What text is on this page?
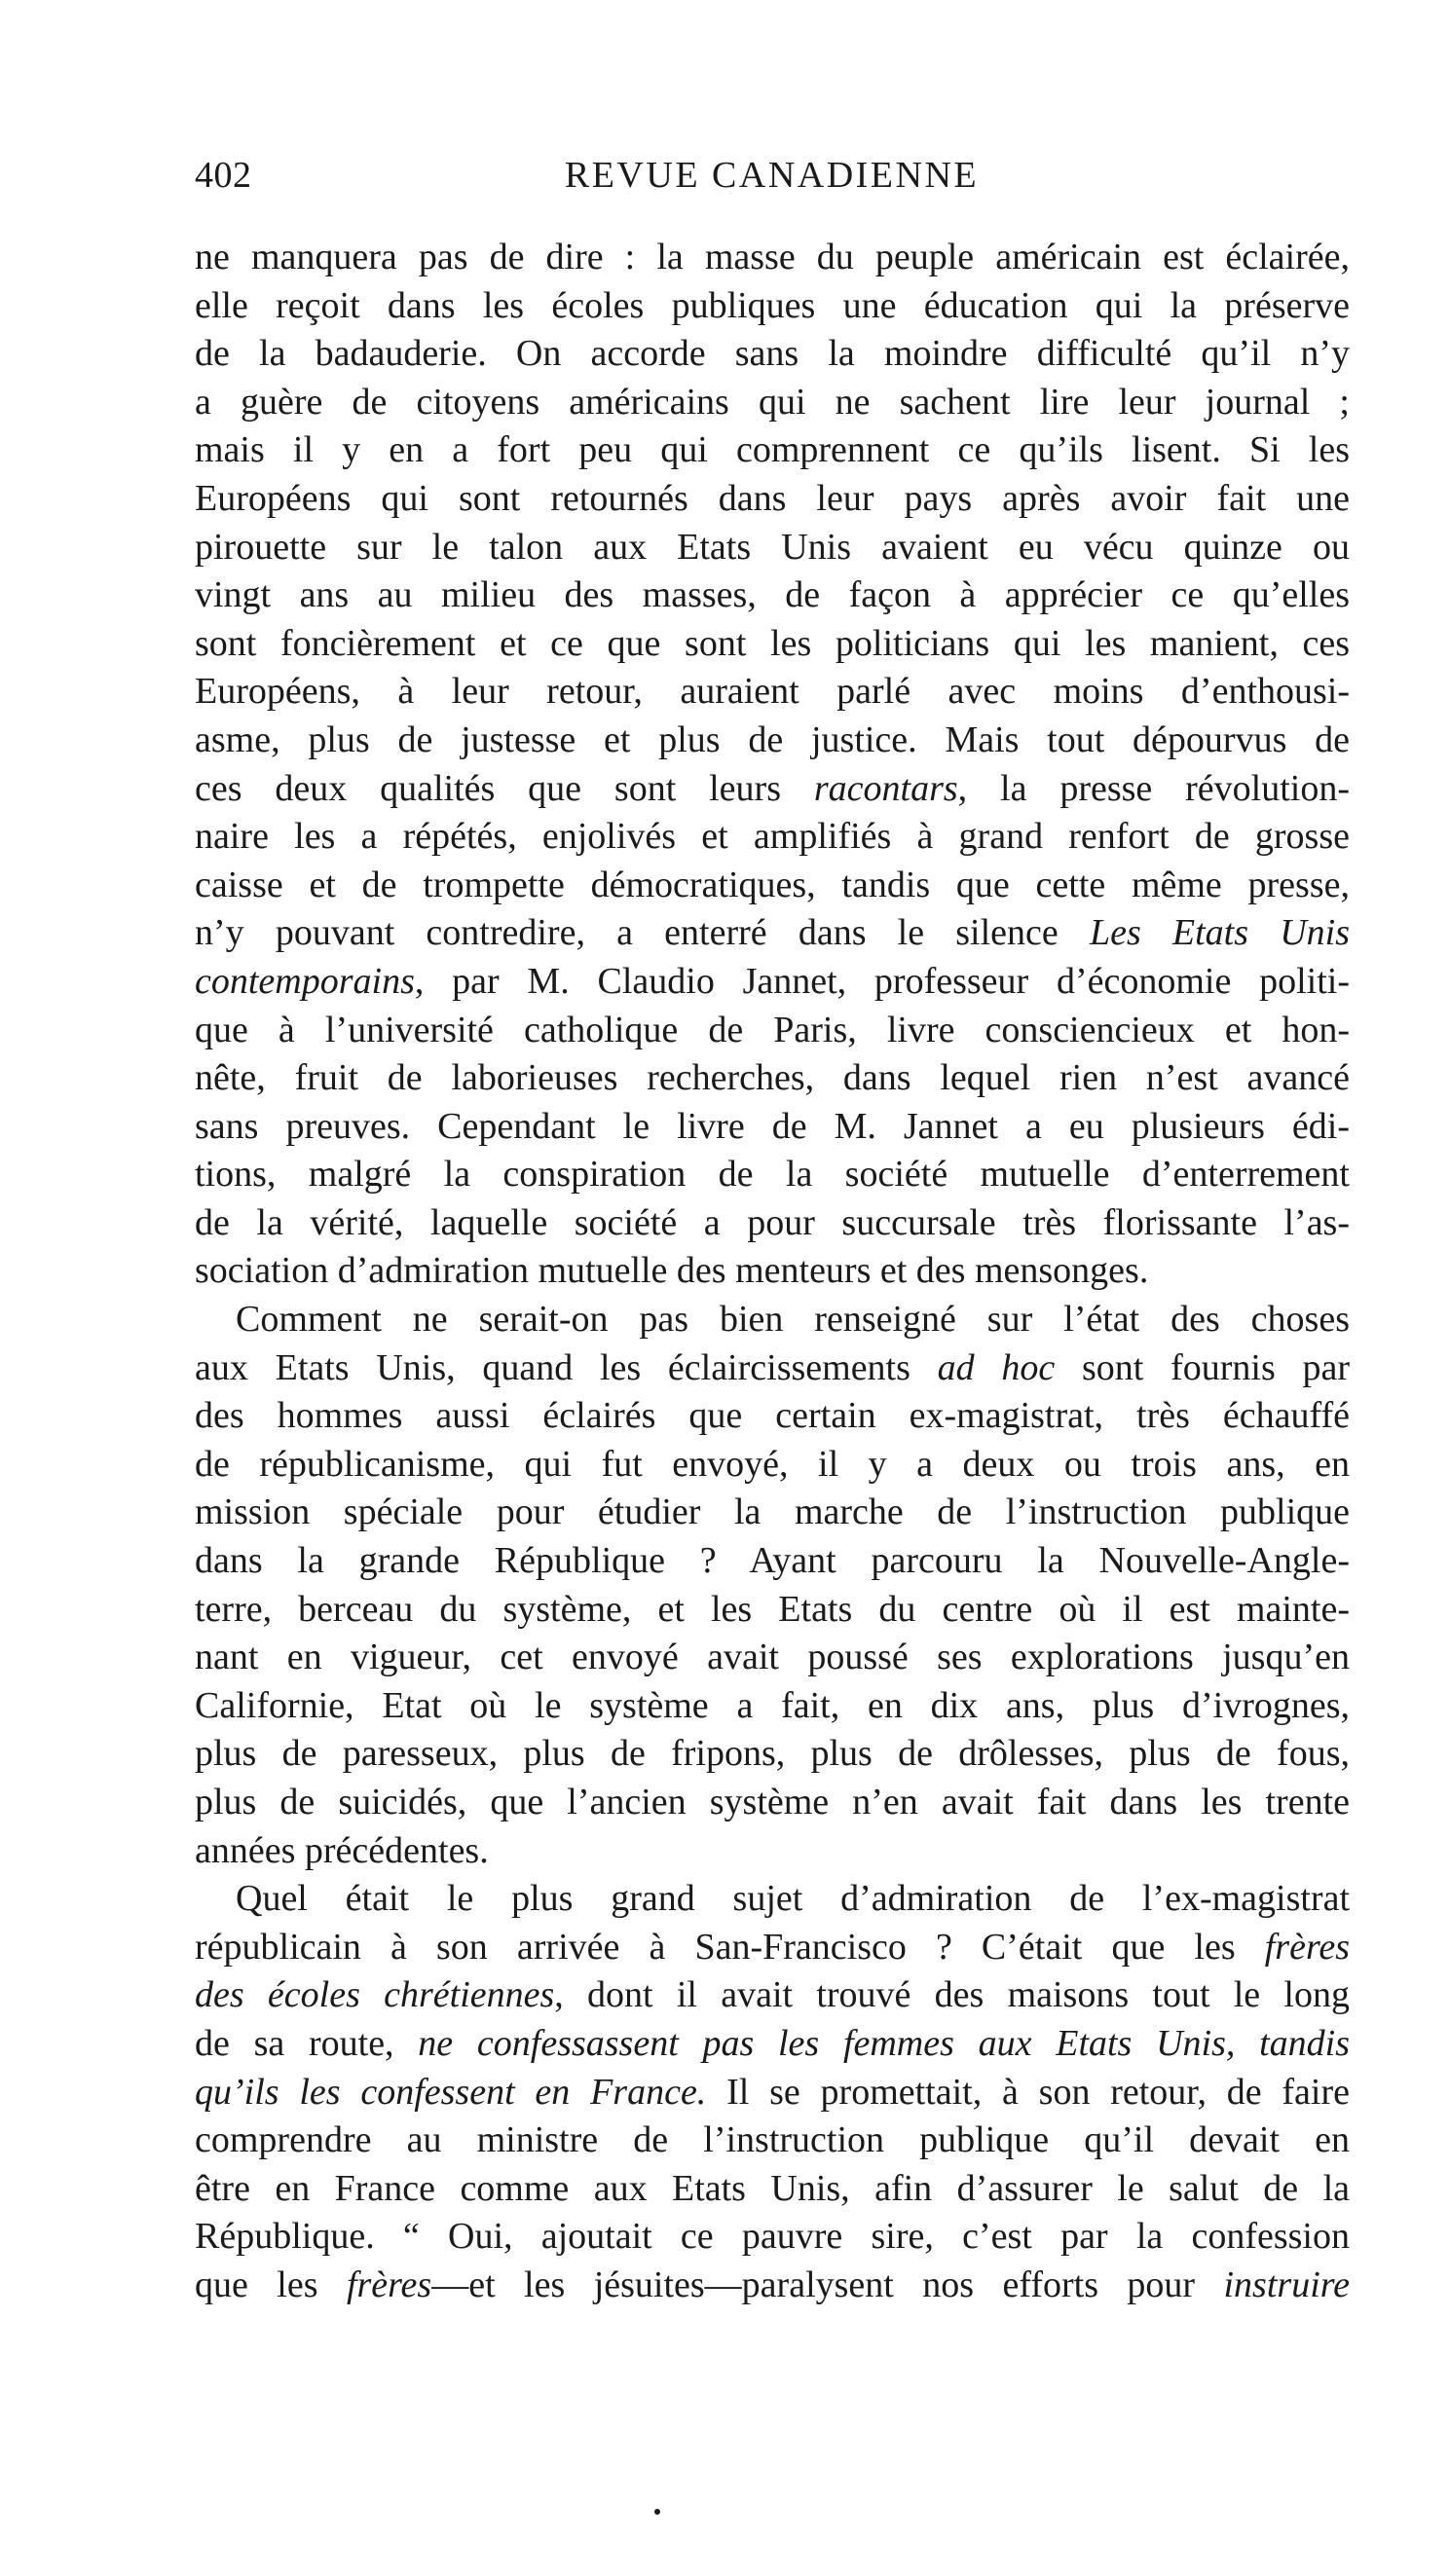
402	REVUE CANADIENNE
ne manquera pas de dire : la masse du peuple américain est éclairée,
elle reçoit dans les écoles publiques une éducation qui la préserve
de la badauderie. On accorde sans la moindre difficulté qu’il n’y
a guère de citoyens américains qui ne sachent lire leur journal ;
mais il y en a fort peu qui comprennent ce qu’ils lisent. Si les
Européens qui sont retournés dans leur pays après avoir fait une
pirouette sur le talon aux Etats Unis avaient eu vécu quinze ou
vingt ans au milieu des masses, de façon à apprécier ce qu’elles
sont foncièrement et ce que sont les politicians qui les manient, ces
Européens, à leur retour, auraient parlé avec moins d’enthousi-
asme, plus de justesse et plus de justice. Mais tout dépourvus de
ces deux qualités que sont leurs racontars, la presse révolution-
naire les a répétés, enjolivés et amplifiés à grand renfort de grosse
caisse et de trompette démocratiques, tandis que cette même presse,
n’y pouvant contredire, a enterré dans le silence Les Etats Unis
contemporains, par M. Claudio Jannet, professeur d’économie politi-
que à l’université catholique de Paris, livre consciencieux et hon-
nête, fruit de laborieuses recherches, dans lequel rien n’est avancé
sans preuves. Cependant le livre de M. Jannet a eu plusieurs édi-
tions, malgré la conspiration de la société mutuelle d’enterrement
de la vérité, laquelle société a pour succursale très florissante l’as-
sociation d’admiration mutuelle des menteurs et des mensonges.
Comment ne serait-on pas bien renseigné sur l’état des choses
aux Etats Unis, quand les éclaircissements ad hoc sont fournis par
des hommes aussi éclairés que certain ex-magistrat, très échauffé
de républicanisme, qui fut envoyé, il y a deux ou trois ans, en
mission spéciale pour étudier la marche de l’instruction publique
dans la grande République ? Ayant parcouru la Nouvelle-Angle-
terre, berceau du système, et les Etats du centre où il est mainte-
nant en vigueur, cet envoyé avait poussé ses explorations jusqu’en
Californie, Etat où le système a fait, en dix ans, plus d’ivrognes,
plus de paresseux, plus de fripons, plus de drôlesses, plus de fous,
plus de suicidés, que l’ancien système n’en avait fait dans les trente
années précédentes.
Quel était le plus grand sujet d’admiration de l’ex-magistrat
républicain à son arrivée à San-Francisco ? C’était que les frères
des écoles chrétiennes, dont il avait trouvé des maisons tout le long
de sa route, ne confessassent pas les femmes aux Etats Unis, tandis
qu’ils les confessent en France. Il se promettait, à son retour, de faire
comprendre au ministre de l’instruction publique qu’il devait en
être en France comme aux Etats Unis, afin d’assurer le salut de la
République. “ Oui, ajoutait ce pauvre sire, c’est par la confession
que les frères—et les jésuites—paralysent nos efforts pour instruire
